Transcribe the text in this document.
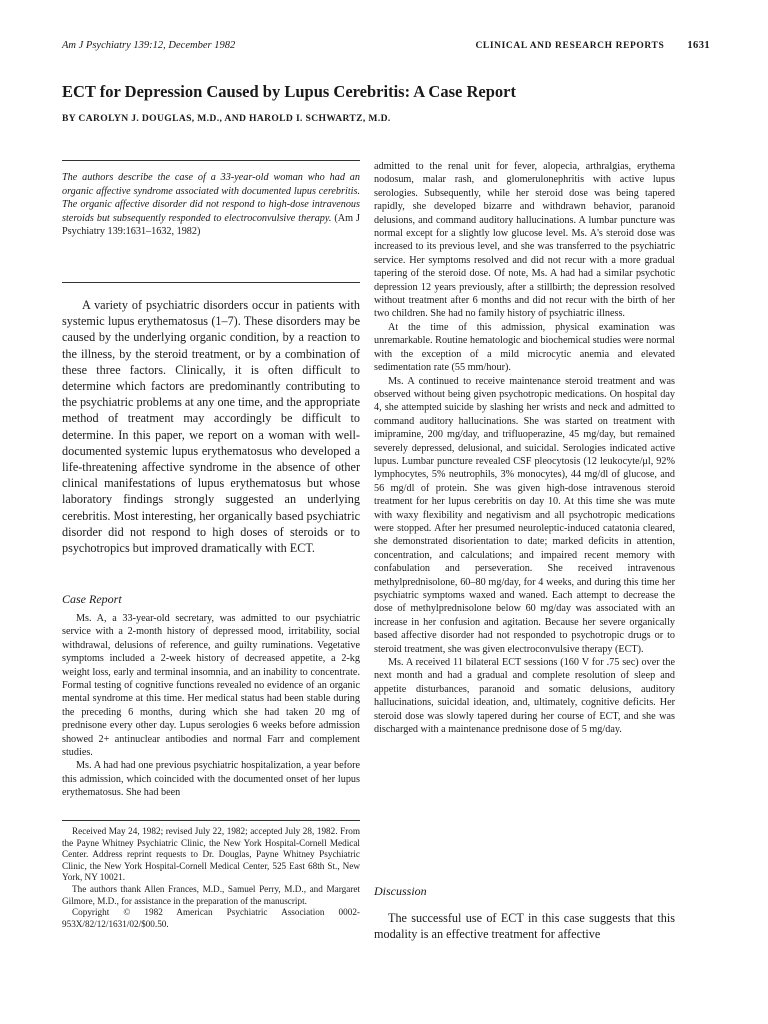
Am J Psychiatry 139:12, December 1982	CLINICAL AND RESEARCH REPORTS 1631
ECT for Depression Caused by Lupus Cerebritis: A Case Report
BY CAROLYN J. DOUGLAS, M.D., AND HAROLD I. SCHWARTZ, M.D.
The authors describe the case of a 33-year-old woman who had an organic affective syndrome associated with documented lupus cerebritis. The organic affective disorder did not respond to high-dose intravenous steroids but subsequently responded to electroconvulsive therapy. (Am J Psychiatry 139:1631–1632, 1982)
A variety of psychiatric disorders occur in patients with systemic lupus erythematosus (1–7). These disorders may be caused by the underlying organic condition, by a reaction to the illness, by the steroid treatment, or by a combination of these three factors. Clinically, it is often difficult to determine which factors are predominantly contributing to the psychiatric problems at any one time, and the appropriate method of treatment may accordingly be difficult to determine. In this paper, we report on a woman with well-documented systemic lupus erythematosus who developed a life-threatening affective syndrome in the absence of other clinical manifestations of lupus erythematosus but whose laboratory findings strongly suggested an underlying cerebritis. Most interesting, her organically based psychiatric disorder did not respond to high doses of steroids or to psychotropics but improved dramatically with ECT.
Case Report

Ms. A, a 33-year-old secretary, was admitted to our psychiatric service with a 2-month history of depressed mood, irritability, social withdrawal, delusions of reference, and guilty ruminations. Vegetative symptoms included a 2-week history of decreased appetite, a 2-kg weight loss, early and terminal insomnia, and an inability to concentrate. Formal testing of cognitive functions revealed no evidence of an organic mental syndrome at this time. Her medical status had been stable during the preceding 6 months, during which she had taken 20 mg of prednisone every other day. Lupus serologies 6 weeks before admission showed 2+ antinuclear antibodies and normal Farr and complement studies.

Ms. A had had one previous psychiatric hospitalization, a year before this admission, which coincided with the documented onset of her lupus erythematosus. She had been

Received May 24, 1982; revised July 22, 1982; accepted July 28, 1982. From the Payne Whitney Psychiatric Clinic, the New York Hospital-Cornell Medical Center. Address reprint requests to Dr. Douglas, Payne Whitney Psychiatric Clinic, the New York Hospital-Cornell Medical Center, 525 East 68th St., New York, NY 10021.

The authors thank Allen Frances, M.D., Samuel Perry, M.D., and Margaret Gilmore, M.D., for assistance in the preparation of the manuscript.

Copyright © 1982 American Psychiatric Association 0002-953X/82/12/1631/02/$00.50.

admitted to the renal unit for fever, alopecia, arthralgias, erythema nodosum, malar rash, and glomerulonephritis with active lupus serologies. Subsequently, while her steroid dose was being tapered rapidly, she developed bizarre and withdrawn behavior, paranoid delusions, and command auditory hallucinations. A lumbar puncture was normal except for a slightly low glucose level. Ms. A's steroid dose was increased to its previous level, and she was transferred to the psychiatric service. Her symptoms resolved and did not recur with a more gradual tapering of the steroid dose. Of note, Ms. A had had a similar psychotic depression 12 years previously, after a stillbirth; the depression resolved without treatment after 6 months and did not recur with the birth of her two children. She had no family history of psychiatric illness.

At the time of this admission, physical examination was unremarkable. Routine hematologic and biochemical studies were normal with the exception of a mild microcytic anemia and elevated sedimentation rate (55 mm/hour).

Ms. A continued to receive maintenance steroid treatment and was observed without being given psychotropic medications. On hospital day 4, she attempted suicide by slashing her wrists and neck and admitted to command auditory hallucinations. She was started on treatment with imipramine, 200 mg/day, and trifluoperazine, 45 mg/day, but remained severely depressed, delusional, and suicidal. Serologies indicated active lupus. Lumbar puncture revealed CSF pleocytosis (12 leukocyte/μl, 92% lymphocytes, 5% neutrophils, 3% monocytes), 44 mg/dl of glucose, and 56 mg/dl of protein. She was given high-dose intravenous steroid treatment for her lupus cerebritis on day 10. At this time she was mute with waxy flexibility and negativism and all psychotropic medications were stopped. After her presumed neuroleptic-induced catatonia cleared, she demonstrated disorientation to date; marked deficits in attention, concentration, and calculations; and impaired recent memory with confabulation and perseveration. She received intravenous methylprednisolone, 60–80 mg/day, for 4 weeks, and during this time her psychiatric symptoms waxed and waned. Each attempt to decrease the dose of methylprednisolone below 60 mg/day was associated with an increase in her confusion and agitation. Because her severe organically based affective disorder had not responded to psychotropic drugs or to steroid treatment, she was given electroconvulsive therapy (ECT).

Ms. A received 11 bilateral ECT sessions (160 V for .75 sec) over the next month and had a gradual and complete resolution of sleep and appetite disturbances, paranoid and somatic delusions, auditory hallucinations, suicidal ideation, and, ultimately, cognitive deficits. Her steroid dose was slowly tapered during her course of ECT, and she was discharged with a maintenance prednisone dose of 5 mg/day.

Discussion
The successful use of ECT in this case suggests that this modality is an effective treatment for affective
